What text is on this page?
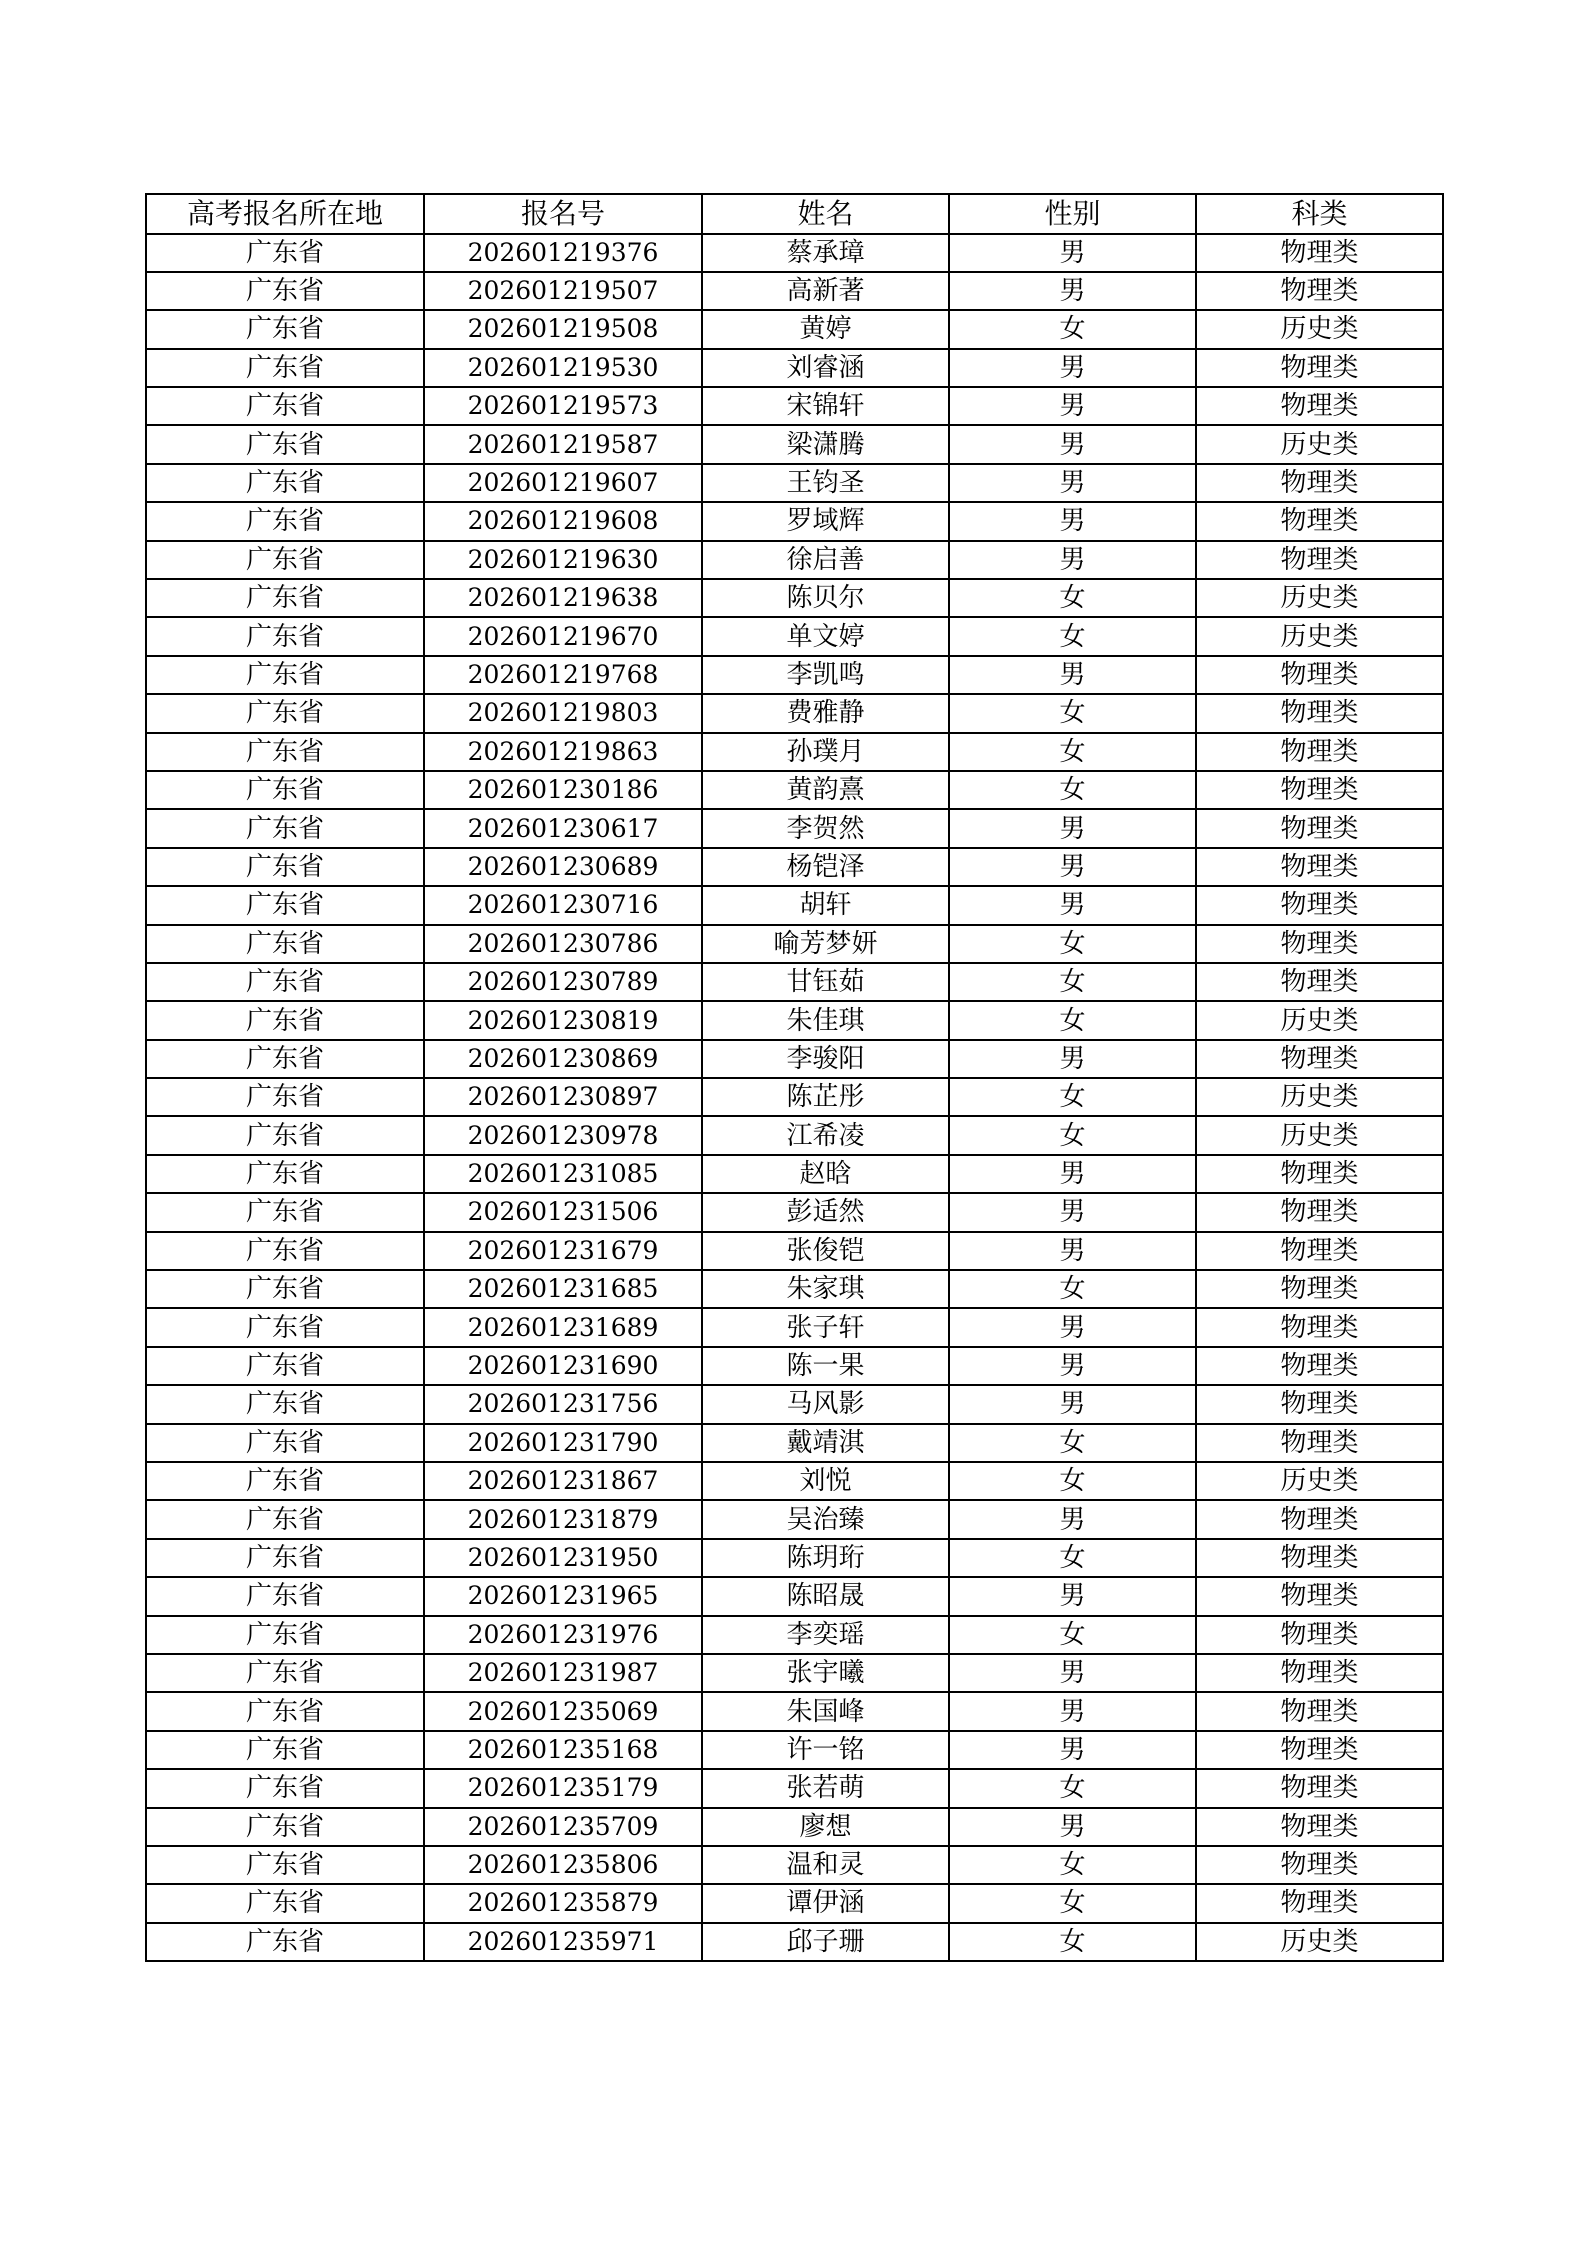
高考报名所在地	报名号	姓名	性别	科类
广东省	202601219376	蔡承璋	男	物理类
广东省	202601219507	高新著	男	物理类
广东省	202601219508	黄婷	女	历史类
广东省	202601219530	刘睿涵	男	物理类
广东省	202601219573	宋锦轩	男	物理类
广东省	202601219587	梁潇腾	男	历史类
广东省	202601219607	王钧圣	男	物理类
广东省	202601219608	罗域辉	男	物理类
广东省	202601219630	徐启善	男	物理类
广东省	202601219638	陈贝尔	女	历史类
广东省	202601219670	单文婷	女	历史类
广东省	202601219768	李凯鸣	男	物理类
广东省	202601219803	费雅静	女	物理类
广东省	202601219863	孙璞月	女	物理类
广东省	202601230186	黄韵熹	女	物理类
广东省	202601230617	李贺然	男	物理类
广东省	202601230689	杨铠泽	男	物理类
广东省	202601230716	胡轩	男	物理类
广东省	202601230786	喻芳梦妍	女	物理类
广东省	202601230789	甘钰茹	女	物理类
广东省	202601230819	朱佳琪	女	历史类
广东省	202601230869	李骏阳	男	物理类
广东省	202601230897	陈芷彤	女	历史类
广东省	202601230978	江希凌	女	历史类
广东省	202601231085	赵晗	男	物理类
广东省	202601231506	彭适然	男	物理类
广东省	202601231679	张俊铠	男	物理类
广东省	202601231685	朱家琪	女	物理类
广东省	202601231689	张子轩	男	物理类
广东省	202601231690	陈一果	男	物理类
广东省	202601231756	马风影	男	物理类
广东省	202601231790	戴靖淇	女	物理类
广东省	202601231867	刘悦	女	历史类
广东省	202601231879	吴治臻	男	物理类
广东省	202601231950	陈玥珩	女	物理类
广东省	202601231965	陈昭晟	男	物理类
广东省	202601231976	李奕瑶	女	物理类
广东省	202601231987	张宇曦	男	物理类
广东省	202601235069	朱国峰	男	物理类
广东省	202601235168	许一铭	男	物理类
广东省	202601235179	张若萌	女	物理类
广东省	202601235709	廖想	男	物理类
广东省	202601235806	温和灵	女	物理类
广东省	202601235879	谭伊涵	女	物理类
广东省	202601235971	邱子珊	女	历史类
